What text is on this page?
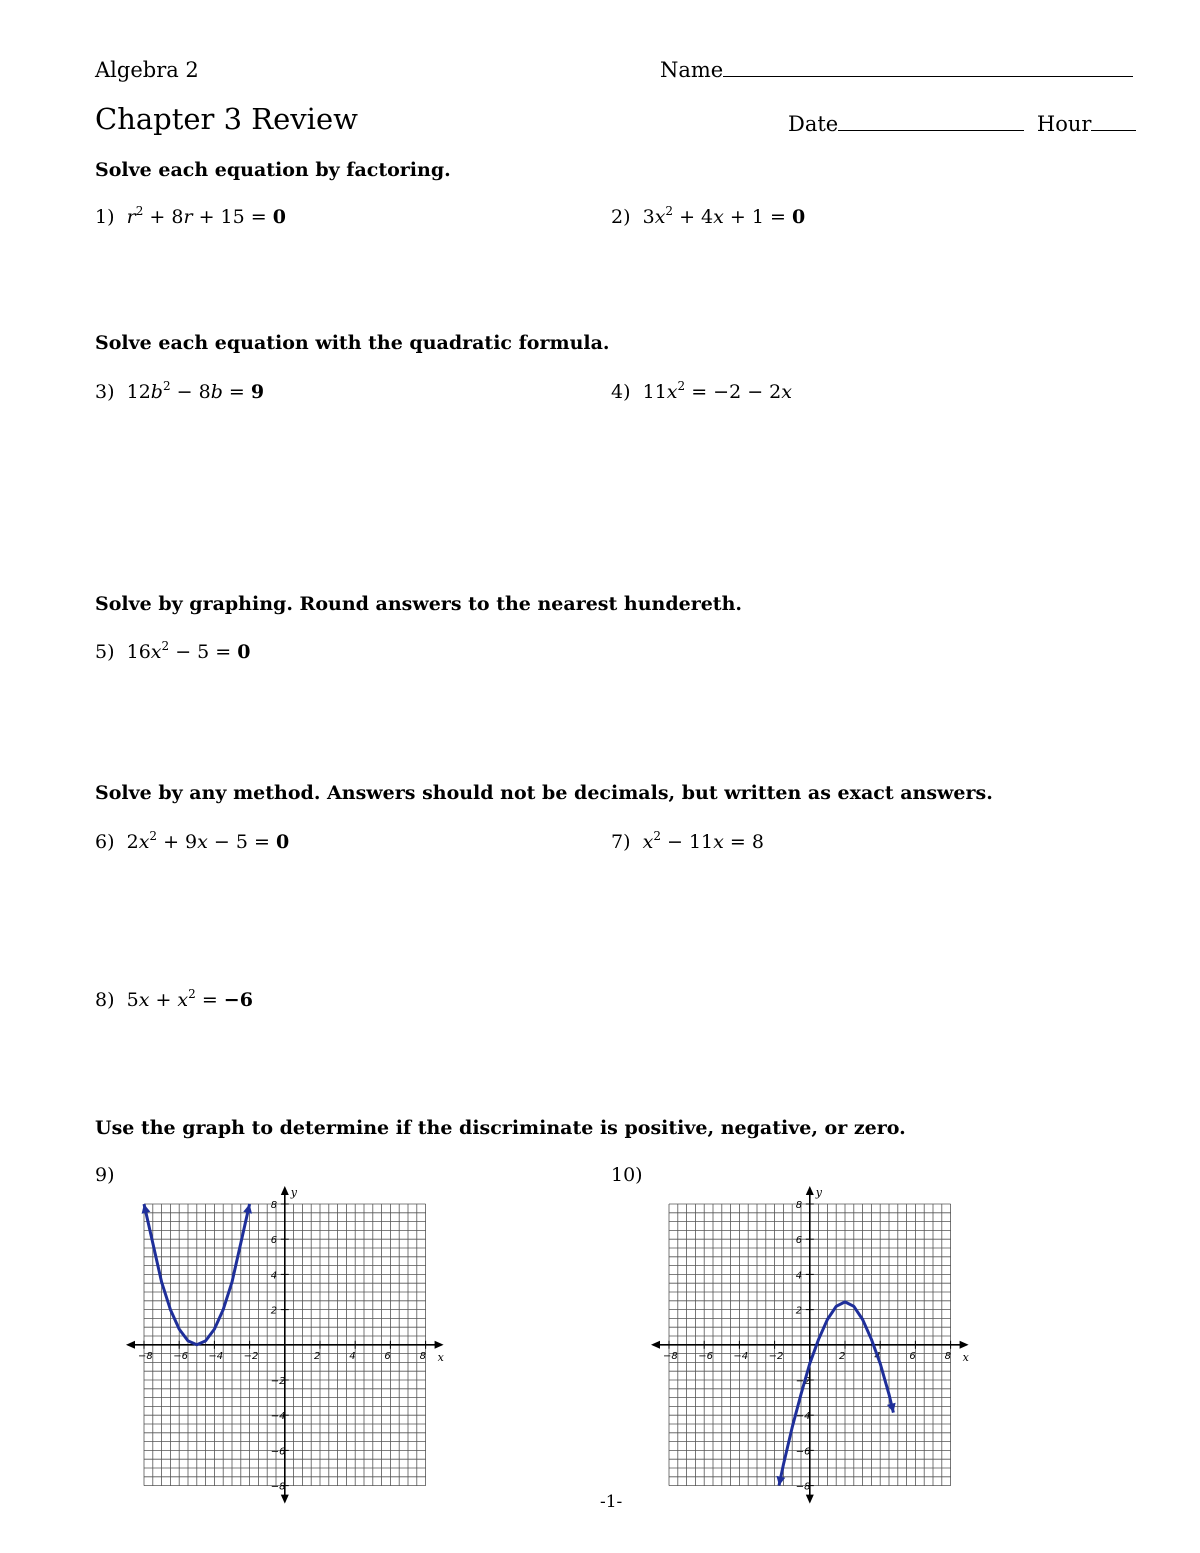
Algebra 2	Name
Chapter 3 Review	Date	Hour
Solve each equation by factoring.
1) $r^2 + 8r + 15 = 0$	2) $3x^2 + 4x + 1 = 0$
Solve each equation with the quadratic formula.
3) $12b^2 - 8b = 9$	4) $11x^2 = -2 - 2x$
Solve by graphing. Round answers to the nearest hundereth.
5) $16x^2 - 5 = 0$
Solve by any method. Answers should not be decimals, but written as exact answers.
6) $2x^2 + 9x - 5 = 0$	7) $x^2 - 11x = 8$
8) $5x + x^2 = -6$
Use the graph to determine if the discriminate is positive, negative, or zero.
9)	10)
x
y
−8 −6 −4 −2	2	4	6	8
8
6
4
2
−2
−4
−6
−8
x
y
−8 −6 −4 −2	2	4	6	8
8
6
4
2
−2
−4
−6
−8
-1-
